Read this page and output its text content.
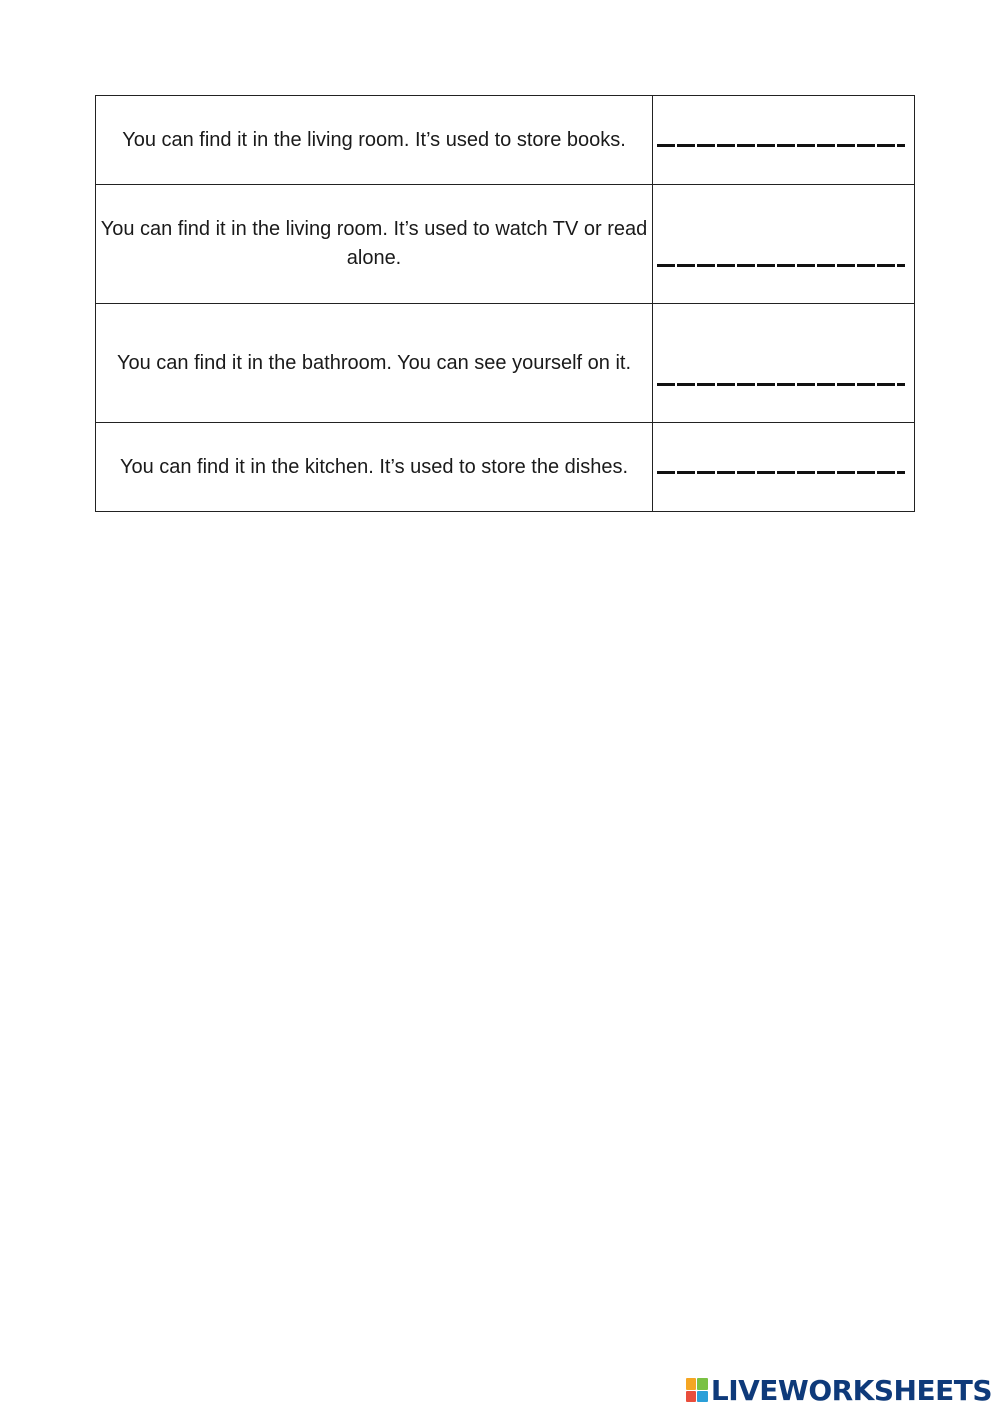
You can find it in the living room. It’s used to store books.	

You can find it in the living room. It’s used to watch TV or read alone.	

You can find it in the bathroom. You can see yourself on it.	

You can find it in the kitchen. It’s used to store the dishes.	
LIVEWORKSHEETS
